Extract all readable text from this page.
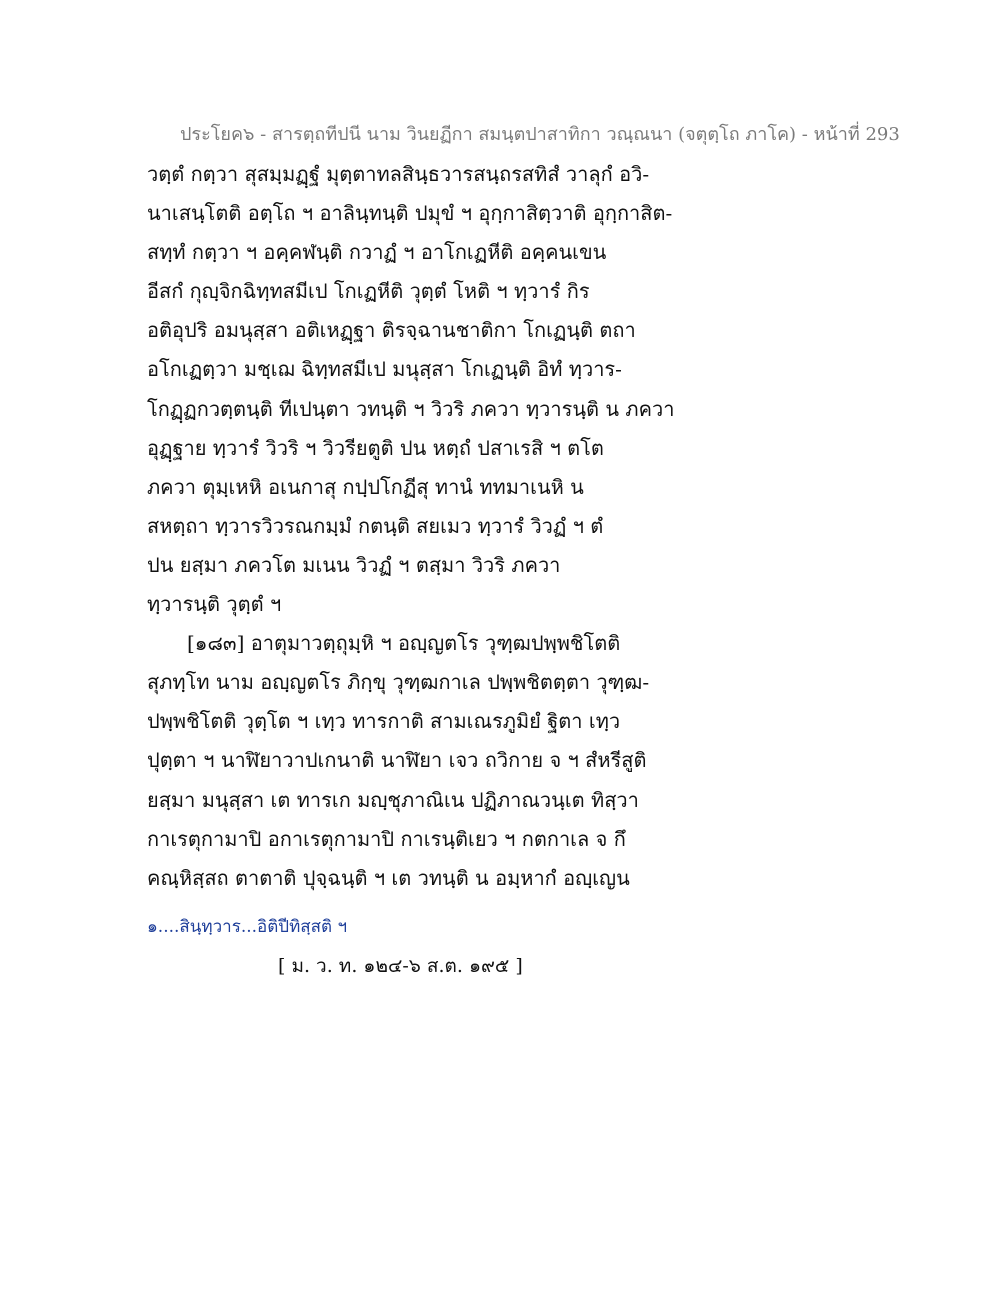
ประโยค๖ - สารตฺถทีปนี นาม วินยฏีกา สมนฺตปาสาทิกา วณฺณนา (จตุตฺโถ ภาโค) - หน้าที่ 293
วตฺตํ กตฺวา สุสมฺมฏฺฐํ มุตฺตาทลสินฺธวารสนฺถรสทิสํ วาลุกํ อวิ-
นาเสนฺโตติ อตฺโถ ฯ อาลินฺทนฺติ ปมุขํ ฯ อุกฺกาสิตฺวาติ อุกฺกาสิต-
สทฺทํ กตฺวา ฯ อคฺคฬนฺติ กวาฏํ ฯ อาโกเฏหีติ อคฺคนเขน
อีสกํ กุญฺจิกฉิทฺทสมีเป โกเฏหีติ วุตฺตํ โหติ ฯ ทฺวารํ กิร
อติอุปริ อมนุสฺสา อติเหฏฺฐา ติรจฺฉานชาติกา โกเฏนฺติ ตถา
อโกเฏตฺวา มชฺเฌ ฉิทฺทสมีเป มนุสฺสา โกเฏนฺติ อิทํ ทฺวาร-
โกฏฺฏกวตฺตนฺติ ทีเปนฺตา วทนฺติ ฯ วิวริ ภควา ทฺวารนฺติ น ภควา
อุฏฺฐาย ทฺวารํ วิวริ ฯ วิวรียตูติ ปน หตฺถํ ปสาเรสิ ฯ ตโต
ภควา ตุมฺเหหิ อเนกาสุ กปฺปโกฏีสุ ทานํ ททมาเนหิ น
สหตฺถา ทฺวารวิวรณกมฺมํ กตนฺติ สยเมว ทฺวารํ วิวฏํ ฯ ตํ
ปน ยสฺมา ภควโต มเนน วิวฏํ ฯ ตสฺมา วิวริ ภควา
ทฺวารนฺติ วุตฺตํ ฯ
[๑๘๓] อาตุมาวตฺถุมฺหิ ฯ อญฺญตโร วุฑฺฒปพฺพชิโตติ
สุภทฺโท นาม อญฺญตโร ภิกฺขุ วุฑฺฒกาเล ปพฺพชิตตฺตา วุฑฺฒ-
ปพฺพชิโตติ วุตฺโต ฯ เทฺว ทารกาติ สามเณรภูมิยํ ฐิตา เทฺว
ปุตฺตา ฯ นาฬิยาวาปเกนาติ นาฬิยา เจว ถวิกาย จ ฯ สํหรีสูติ
ยสฺมา มนุสฺสา เต ทารเก มญฺชุภาณิเน ปฏิภาณวนฺเต ทิสฺวา
กาเรตุกามาปิ อกาเรตุกามาปิ กาเรนฺติเยว ฯ กตกาเล จ กึ
คณฺหิสฺสถ ตาตาติ ปุจฺฉนฺติ ฯ เต วทนฺติ น อมฺหากํ อญฺเญน
๑....สินฺทฺวาร...อิติปีทิสฺสติ ฯ
[ ม. ว. ท. ๑๒๔-๖ ส.ต. ๑๙๕ ]
